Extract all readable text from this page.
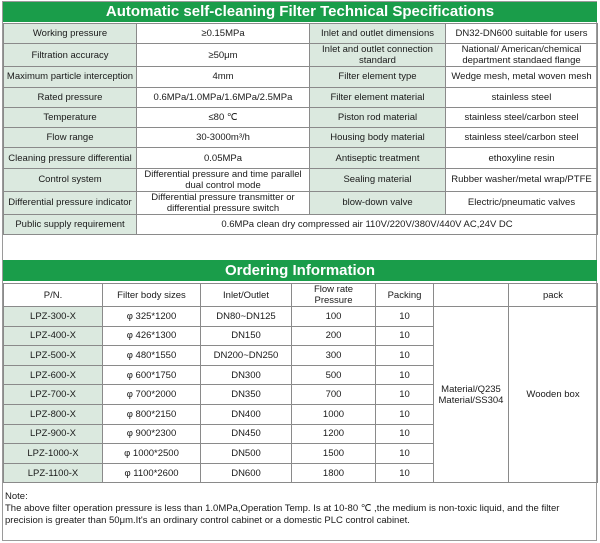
Automatic self-cleaning Filter Technical Specifications
Working pressure	≥0.15MPa	Inlet and outlet dimensions	DN32-DN600 suitable for users
Filtration accuracy	≥50μm	Inlet and outlet connection standard	National/ American/chemical department standaed flange
Maximum particle interception	4mm	Filter element type	Wedge mesh, metal woven mesh
Rated pressure	0.6MPa/1.0MPa/1.6MPa/2.5MPa	Filter element material	stainless steel
Temperature	≤80 ℃	Piston rod material	stainless steel/carbon steel
Flow range	30-3000m³/h	Housing body material	stainless steel/carbon steel
Cleaning pressure differential	0.05MPa	Antiseptic treatment	ethoxyline resin
Control system	Differential pressure and time parallel dual control mode	Sealing material	Rubber washer/metal wrap/PTFE
Differential pressure indicator	Differential pressure transmitter or differential pressure switch	blow-down valve	Electric/pneumatic valves
Public supply requirement	0.6MPa clean dry compressed air 110V/220V/380V/440V AC,24V DC		
Ordering Information
P/N.	Filter body sizes	Inlet/Outlet	Flow rate Pressure	Packing		pack
LPZ-300-X	φ 325*1200	DN80~DN125	100	10	Material/Q235 Material/SS304	Wooden box
LPZ-400-X	φ 426*1300	DN150	200	10		
LPZ-500-X	φ 480*1550	DN200~DN250	300	10		
LPZ-600-X	φ 600*1750	DN300	500	10		
LPZ-700-X	φ 700*2000	DN350	700	10		
LPZ-800-X	φ 800*2150	DN400	1000	10		
LPZ-900-X	φ 900*2300	DN450	1200	10		
LPZ-1000-X	φ 1000*2500	DN500	1500	10		
LPZ-1100-X	φ 1100*2600	DN600	1800	10		
Note:
The above filter operation pressure is less than 1.0MPa,Operation Temp. Is at 10-80 ℃ ,the medium is non-toxic liquid, and the filter precision is greater than 50μm.It's an ordinary control cabinet or a domestic PLC control cabinet.
